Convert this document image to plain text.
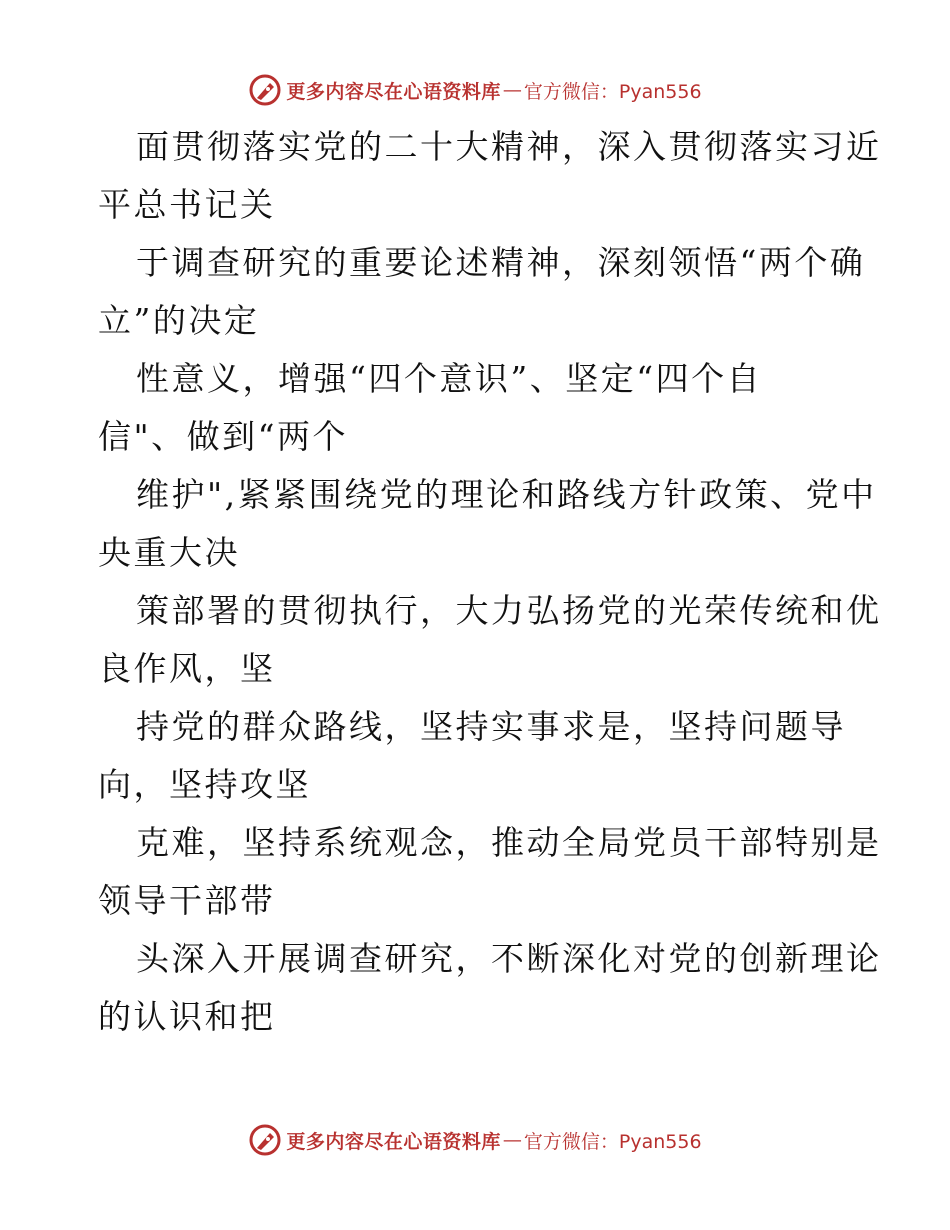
更多内容尽在心语资料库 — 官方微信：Pyan556
面贯彻落实党的二十大精神，深入贯彻落实习近
平总书记关
于调查研究的重要论述精神，深刻领悟“两个确
立”的决定
性意义，增强“四个意识”、坚定“四个自
信"、做到“两个
维护",紧紧围绕党的理论和路线方针政策、党中
央重大决
策部署的贯彻执行，大力弘扬党的光荣传统和优
良作风，坚
持党的群众路线，坚持实事求是，坚持问题导
向，坚持攻坚
克难，坚持系统观念，推动全局党员干部特别是
领导干部带
头深入开展调查研究，不断深化对党的创新理论
的认识和把
更多内容尽在心语资料库 — 官方微信：Pyan556
